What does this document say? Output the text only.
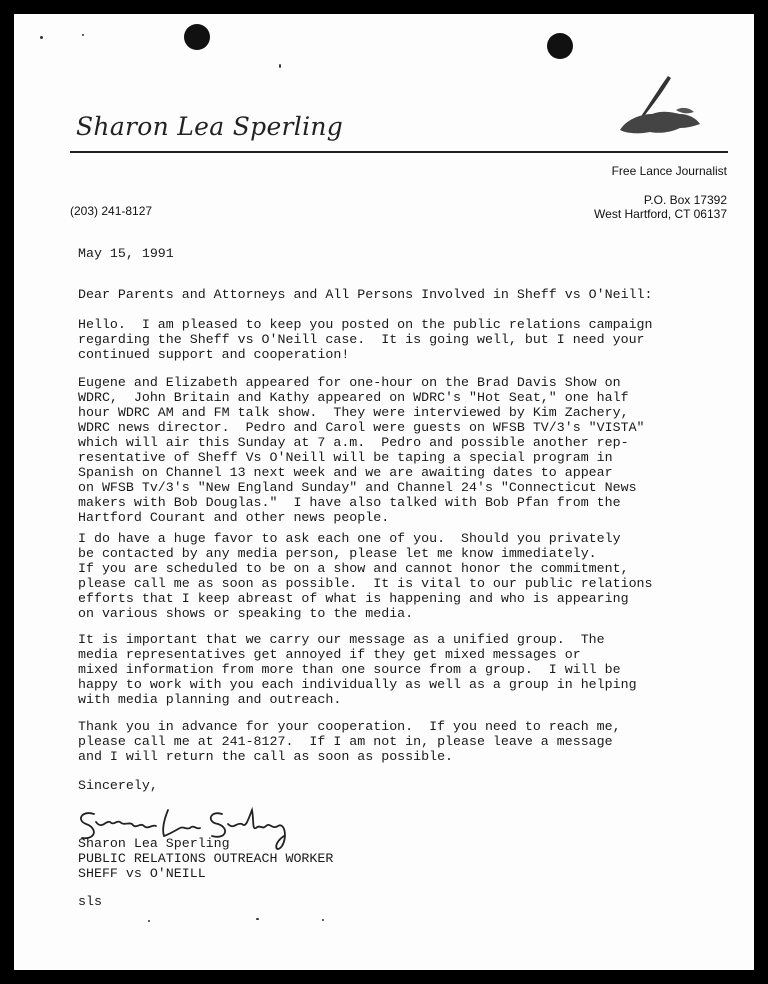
Sharon Lea Sperling
Free Lance Journalist
P.O. Box 17392
West Hartford, CT 06137
(203) 241-8127
May 15, 1991
Dear Parents and Attorneys and All Persons Involved in Sheff vs O'Neill:
Hello.  I am pleased to keep you posted on the public relations campaign
regarding the Sheff vs O'Neill case.  It is going well, but I need your
continued support and cooperation!
Eugene and Elizabeth appeared for one-hour on the Brad Davis Show on
WDRC,  John Britain and Kathy appeared on WDRC's "Hot Seat," one half
hour WDRC AM and FM talk show.  They were interviewed by Kim Zachery,
WDRC news director.  Pedro and Carol were guests on WFSB TV/3's "VISTA"
which will air this Sunday at 7 a.m.  Pedro and possible another rep-
resentative of Sheff Vs O'Neill will be taping a special program in
Spanish on Channel 13 next week and we are awaiting dates to appear
on WFSB Tv/3's "New England Sunday" and Channel 24's "Connecticut News
makers with Bob Douglas."  I have also talked with Bob Pfan from the
Hartford Courant and other news people.
I do have a huge favor to ask each one of you.  Should you privately
be contacted by any media person, please let me know immediately.
If you are scheduled to be on a show and cannot honor the commitment,
please call me as soon as possible.  It is vital to our public relations
efforts that I keep abreast of what is happening and who is appearing
on various shows or speaking to the media.
It is important that we carry our message as a unified group.  The
media representatives get annoyed if they get mixed messages or
mixed information from more than one source from a group.  I will be
happy to work with you each individually as well as a group in helping
with media planning and outreach.
Thank you in advance for your cooperation.  If you need to reach me,
please call me at 241-8127.  If I am not in, please leave a message
and I will return the call as soon as possible.
Sincerely,
Sharon Lea Sperling
PUBLIC RELATIONS OUTREACH WORKER
SHEFF vs O'NEILL
sls
